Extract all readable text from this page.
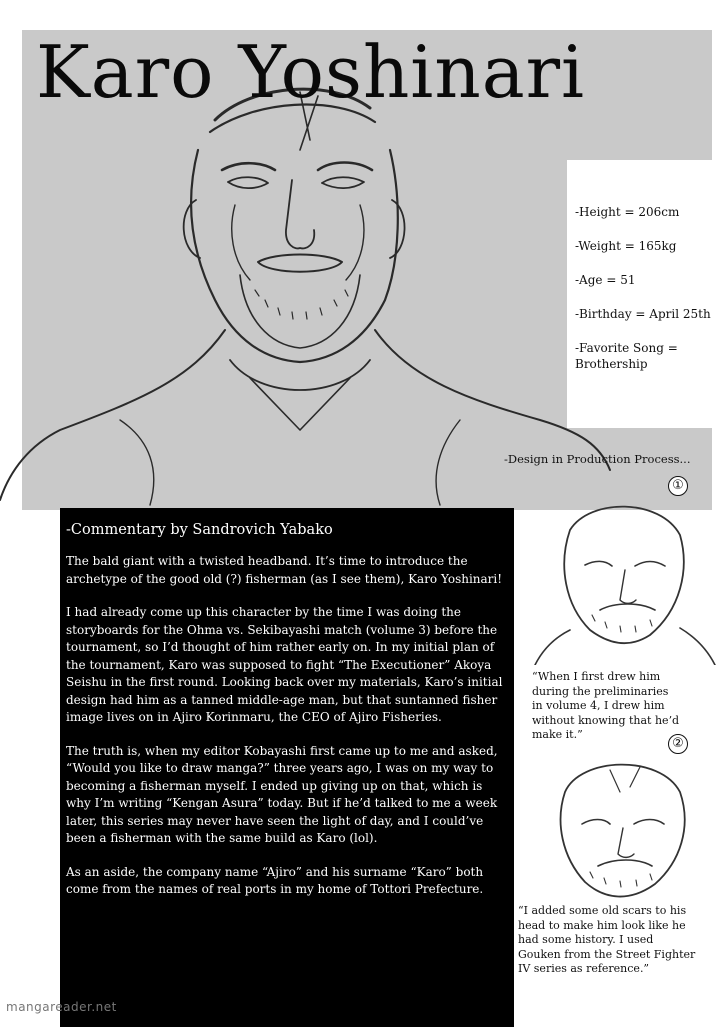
Karo Yoshinari
-Height = 206cm
-Weight = 165kg
-Age = 51
-Birthday = April 25th
-Favorite Song =
Brothership
-Design in Production Process...
①
“When I first drew him during the preliminaries in volume 4, I drew him without knowing that he’d make it.”
②
“I added some old scars to his head to make him look like he had some history. I used Gouken from the Street Fighter IV series as reference.”
-Commentary by Sandrovich Yabako

The bald giant with a twisted headband. It’s time to introduce the archetype of the good old (?) fisherman (as I see them), Karo Yoshinari!

I had already come up this character by the time I was doing the storyboards for the Ohma vs. Sekibayashi match (volume 3) before the tournament, so I’d thought of him rather early on. In my initial plan of the tournament, Karo was supposed to fight “The Executioner” Akoya Seishu in the first round. Looking back over my materials, Karo’s initial design had him as a tanned middle-age man, but that suntanned fisher image lives on in Ajiro Korinmaru, the CEO of Ajiro Fisheries.

The truth is, when my editor Kobayashi first came up to me and asked, “Would you like to draw manga?” three years ago, I was on my way to becoming a fisherman myself. I ended up giving up on that, which is why I’m writing “Kengan Asura” today. But if he’d talked to me a week later, this series may never have seen the light of day, and I could’ve been a fisherman with the same build as Karo (lol).

As an aside, the company name “Ajiro” and his surname “Karo” both come from the names of real ports in my home of Tottori Prefecture.

mangareader.net
